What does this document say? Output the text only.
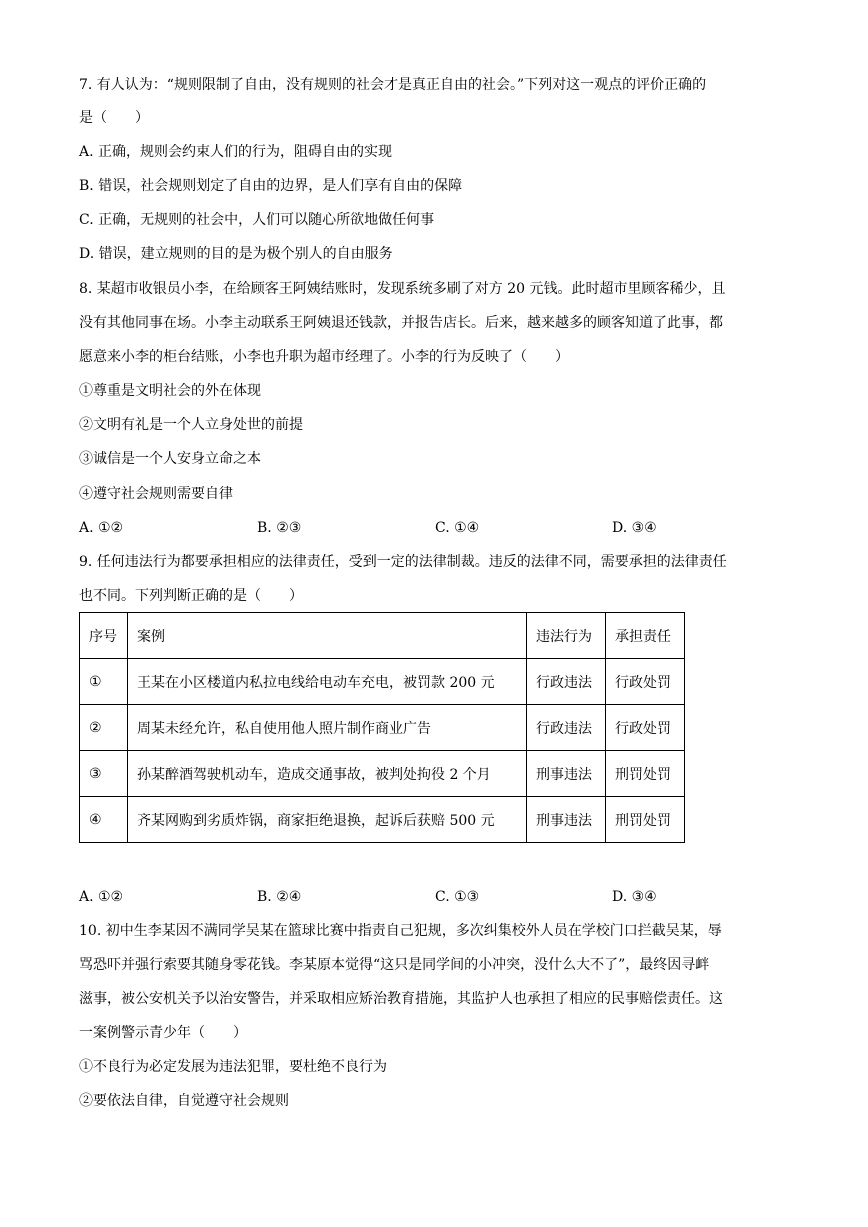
7. 有人认为：“规则限制了自由，没有规则的社会才是真正自由的社会。”下列对这一观点的评价正确的
是（　　）
A. 正确，规则会约束人们的行为，阻碍自由的实现
B. 错误，社会规则划定了自由的边界，是人们享有自由的保障
C. 正确，无规则的社会中，人们可以随心所欲地做任何事
D. 错误，建立规则的目的是为极个别人的自由服务
8. 某超市收银员小李，在给顾客王阿姨结账时，发现系统多刷了对方 20 元钱。此时超市里顾客稀少，且
没有其他同事在场。小李主动联系王阿姨退还钱款，并报告店长。后来，越来越多的顾客知道了此事，都
愿意来小李的柜台结账，小李也升职为超市经理了。小李的行为反映了（　　）
①尊重是文明社会的外在体现
②文明有礼是一个人立身处世的前提
③诚信是一个人安身立命之本
④遵守社会规则需要自律
A. ①②	B. ②③	C. ①④	D. ③④
9. 任何违法行为都要承担相应的法律责任，受到一定的法律制裁。违反的法律不同，需要承担的法律责任
也不同。下列判断正确的是（　　）
序号	案例	违法行为	承担责任
①	王某在小区楼道内私拉电线给电动车充电，被罚款 200 元	行政违法	行政处罚
②	周某未经允许，私自使用他人照片制作商业广告	行政违法	行政处罚
③	孙某醉酒驾驶机动车，造成交通事故，被判处拘役 2 个月	刑事违法	刑罚处罚
④	齐某网购到劣质炸锅，商家拒绝退换，起诉后获赔 500 元	刑事违法	刑罚处罚
A. ①②	B. ②④	C. ①③	D. ③④
10. 初中生李某因不满同学吴某在篮球比赛中指责自己犯规，多次纠集校外人员在学校门口拦截吴某，辱
骂恐吓并强行索要其随身零花钱。李某原本觉得“这只是同学间的小冲突，没什么大不了”，最终因寻衅
滋事，被公安机关予以治安警告，并采取相应矫治教育措施，其监护人也承担了相应的民事赔偿责任。这
一案例警示青少年（　　）
①不良行为必定发展为违法犯罪，要杜绝不良行为
②要依法自律，自觉遵守社会规则
